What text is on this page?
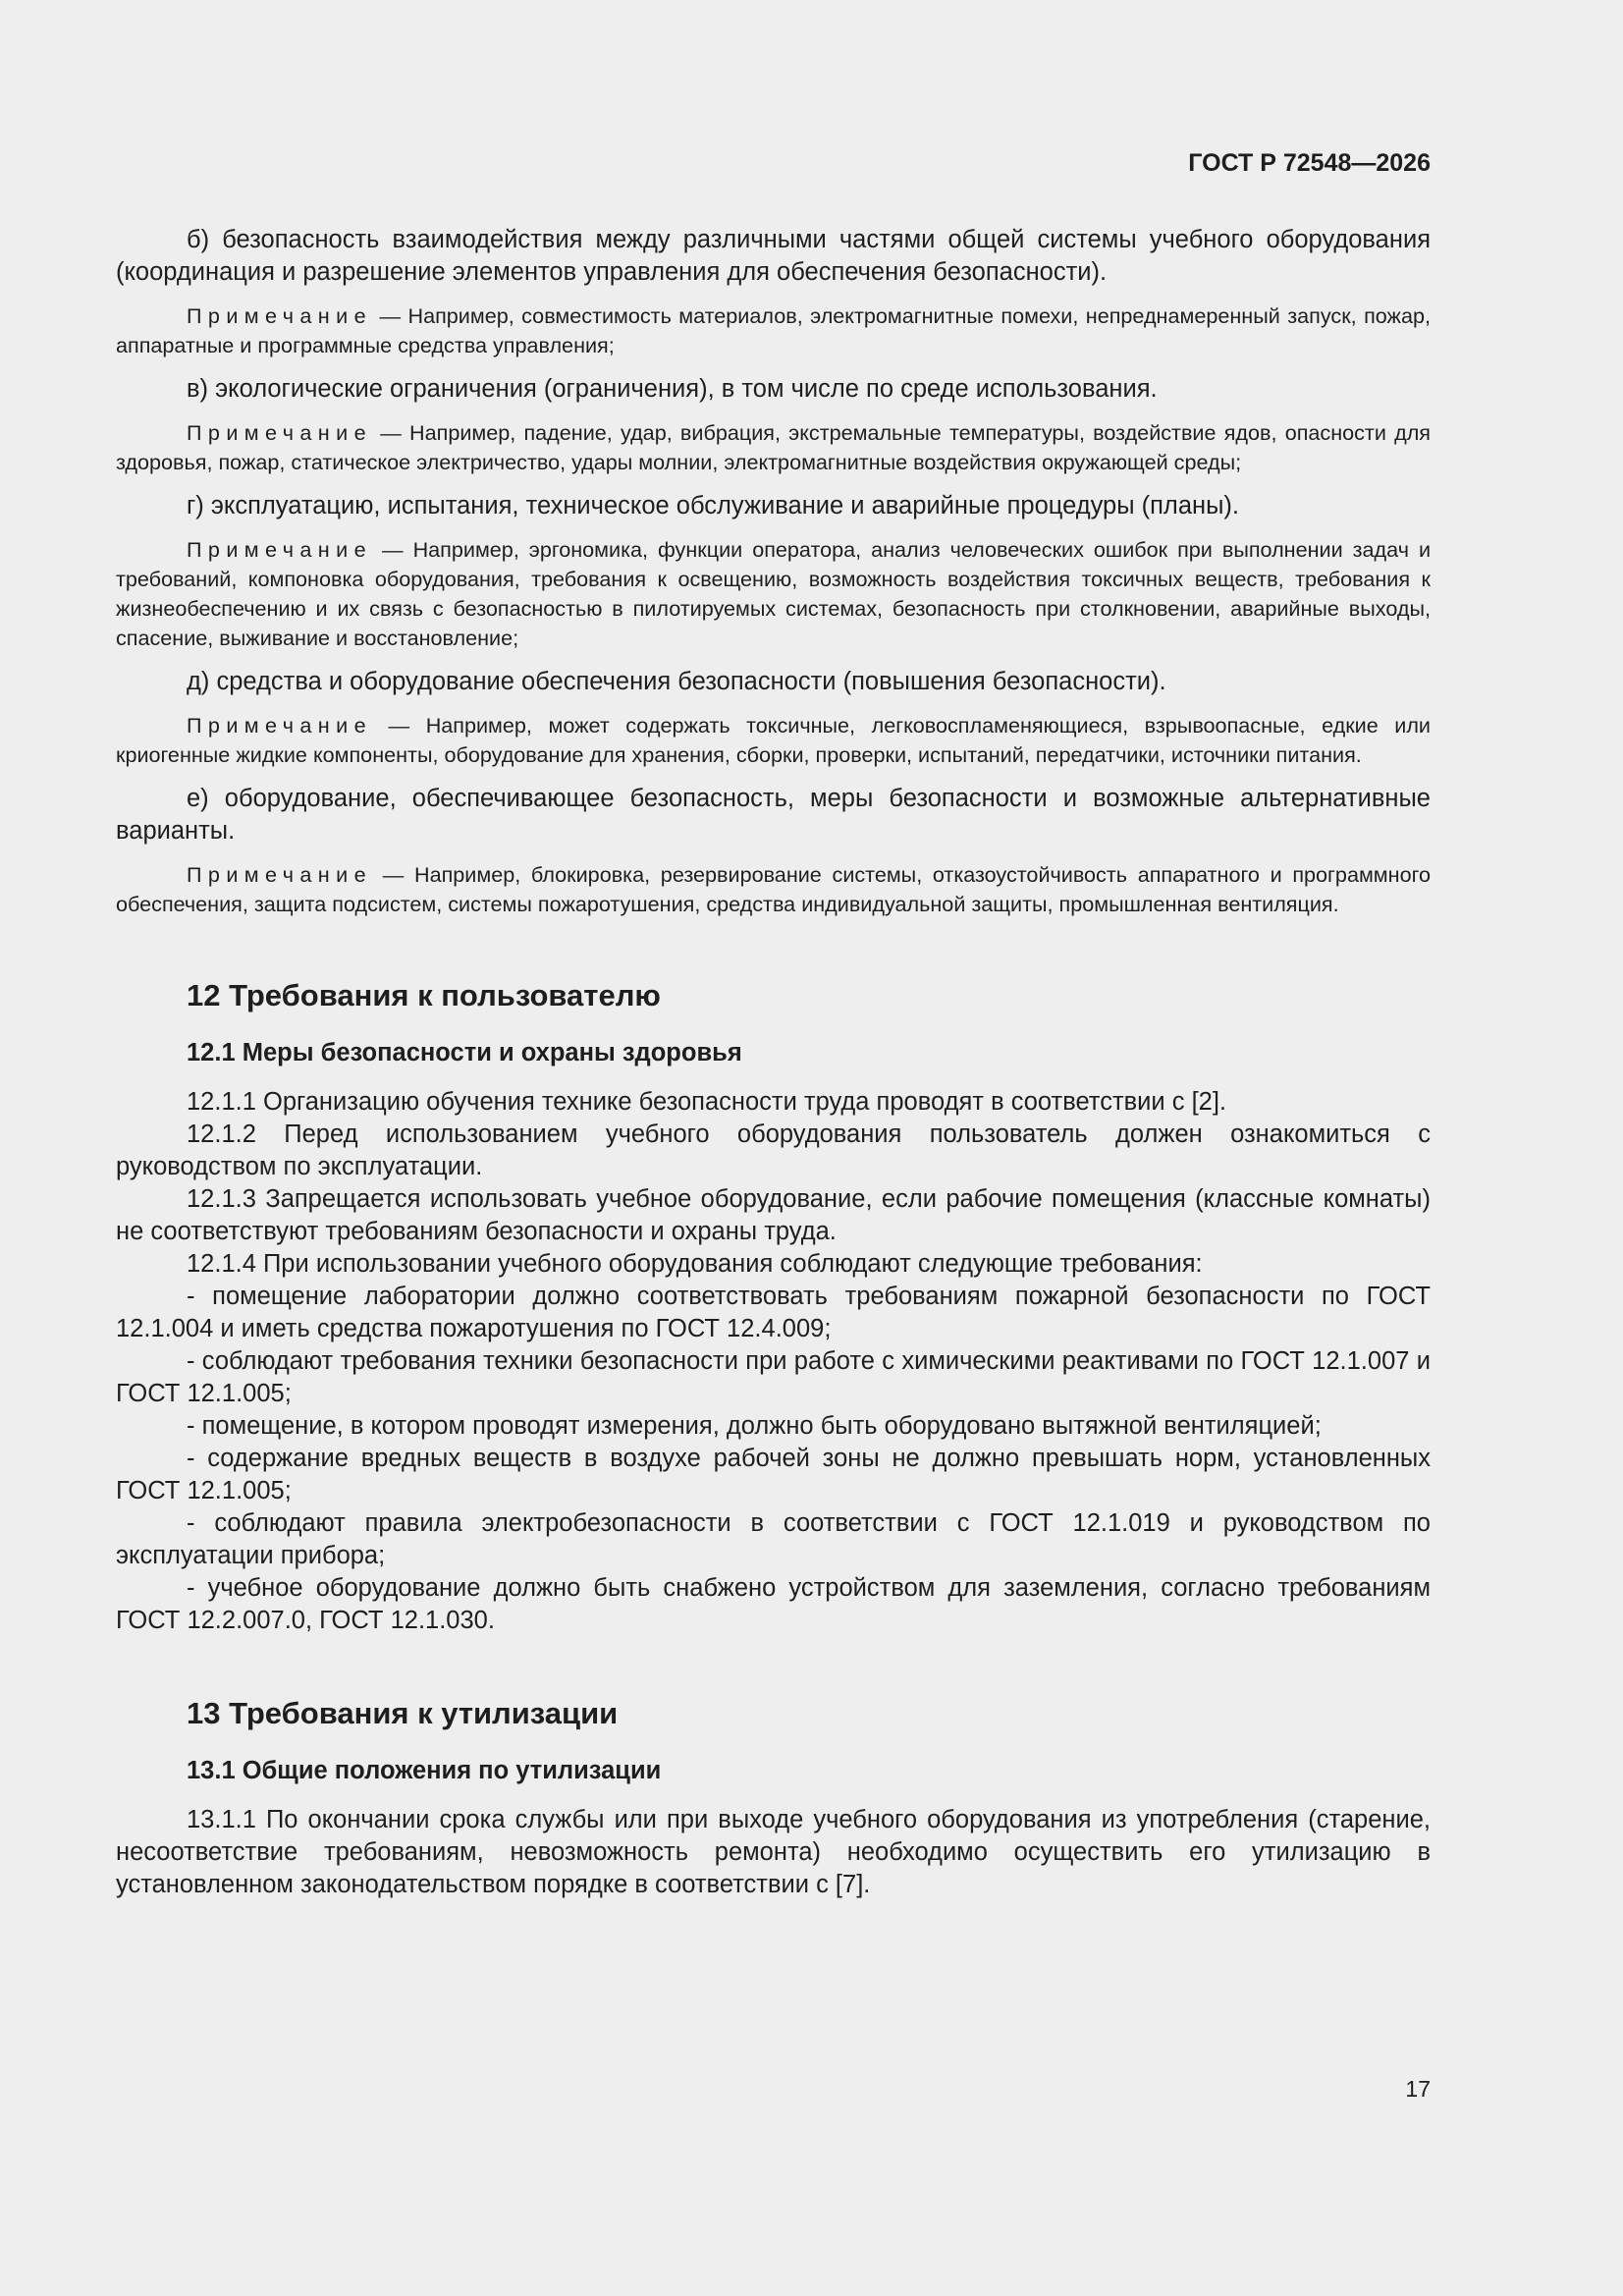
ГОСТ Р 72548—2026

б) безопасность взаимодействия между различными частями общей системы учебного оборудования (координация и разрешение элементов управления для обеспечения безопасности).

Примечание — Например, совместимость материалов, электромагнитные помехи, непреднамеренный запуск, пожар, аппаратные и программные средства управления;

в) экологические ограничения (ограничения), в том числе по среде использования.

Примечание — Например, падение, удар, вибрация, экстремальные температуры, воздействие ядов, опасности для здоровья, пожар, статическое электричество, удары молнии, электромагнитные воздействия окружающей среды;

г) эксплуатацию, испытания, техническое обслуживание и аварийные процедуры (планы).

Примечание — Например, эргономика, функции оператора, анализ человеческих ошибок при выполнении задач и требований, компоновка оборудования, требования к освещению, возможность воздействия токсичных веществ, требования к жизнеобеспечению и их связь с безопасностью в пилотируемых системах, безопасность при столкновении, аварийные выходы, спасение, выживание и восстановление;

д) средства и оборудование обеспечения безопасности (повышения безопасности).

Примечание — Например, может содержать токсичные, легковоспламеняющиеся, взрывоопасные, едкие или криогенные жидкие компоненты, оборудование для хранения, сборки, проверки, испытаний, передатчики, источники питания.

е) оборудование, обеспечивающее безопасность, меры безопасности и возможные альтернативные варианты.

Примечание — Например, блокировка, резервирование системы, отказоустойчивость аппаратного и программного обеспечения, защита подсистем, системы пожаротушения, средства индивидуальной защиты, промышленная вентиляция.

12 Требования к пользователю
12.1 Меры безопасности и охраны здоровья

12.1.1 Организацию обучения технике безопасности труда проводят в соответствии с [2].

12.1.2 Перед использованием учебного оборудования пользователь должен ознакомиться с руководством по эксплуатации.

12.1.3 Запрещается использовать учебное оборудование, если рабочие помещения (классные комнаты) не соответствуют требованиям безопасности и охраны труда.

12.1.4 При использовании учебного оборудования соблюдают следующие требования:

- помещение лаборатории должно соответствовать требованиям пожарной безопасности по ГОСТ 12.1.004 и иметь средства пожаротушения по ГОСТ 12.4.009;

- соблюдают требования техники безопасности при работе с химическими реактивами по ГОСТ 12.1.007 и ГОСТ 12.1.005;

- помещение, в котором проводят измерения, должно быть оборудовано вытяжной вентиляцией;

- содержание вредных веществ в воздухе рабочей зоны не должно превышать норм, установленных ГОСТ 12.1.005;

- соблюдают правила электробезопасности в соответствии с ГОСТ 12.1.019 и руководством по эксплуатации прибора;

- учебное оборудование должно быть снабжено устройством для заземления, согласно требованиям ГОСТ 12.2.007.0, ГОСТ 12.1.030.

13 Требования к утилизации
13.1 Общие положения по утилизации

13.1.1 По окончании срока службы или при выходе учебного оборудования из употребления (старение, несоответствие требованиям, невозможность ремонта) необходимо осуществить его утилизацию в установленном законодательством порядке в соответствии с [7].

17
